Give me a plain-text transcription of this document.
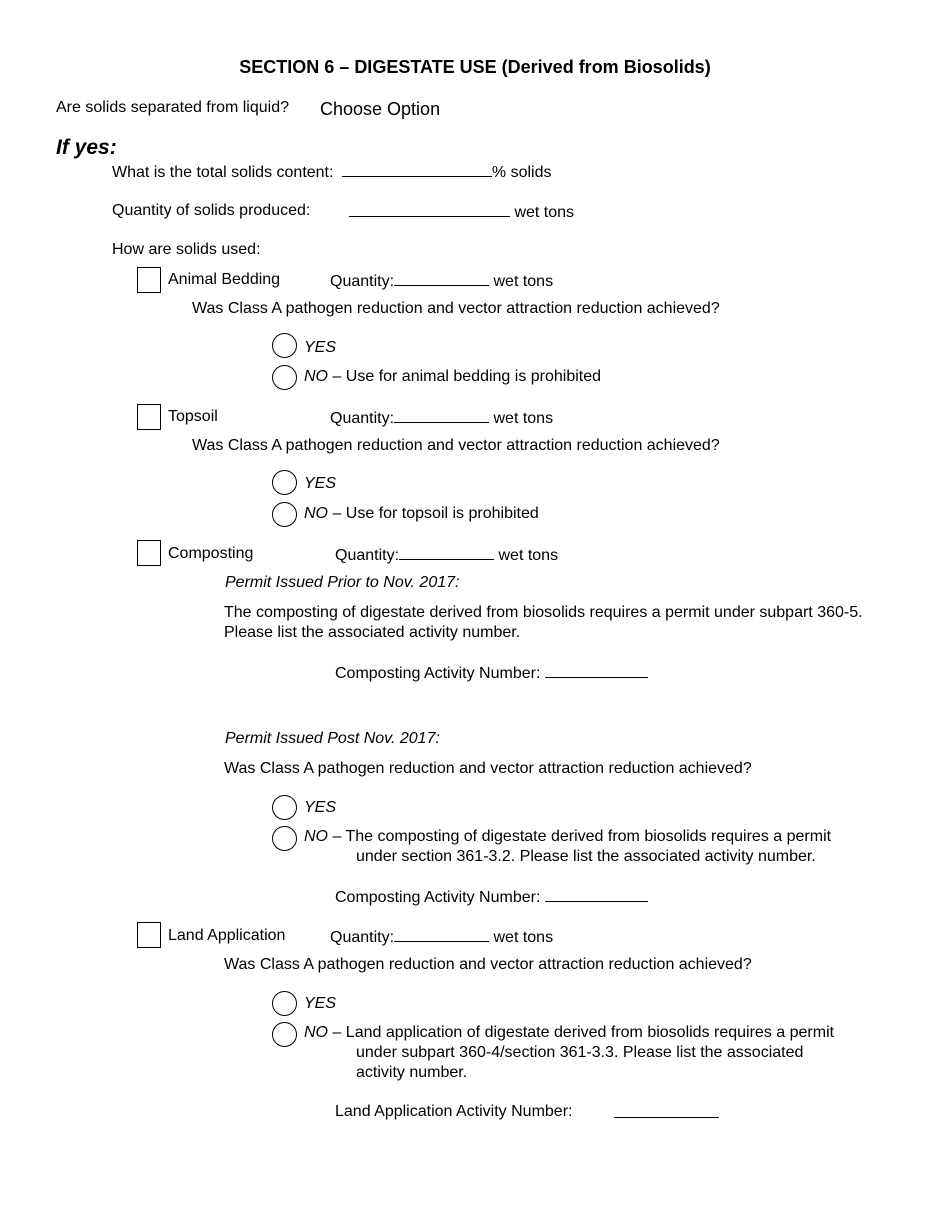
SECTION 6 – DIGESTATE USE (Derived from Biosolids)
Are solids separated from liquid? Choose Option
If yes:
What is the total solids content:	% solids
Quantity of solids produced:	wet tons
How are solids used:
Animal Bedding	Quantity:	wet tons
Was Class A pathogen reduction and vector attraction reduction achieved?
YES
NO – Use for animal bedding is prohibited
Topsoil	Quantity:	wet tons
Was Class A pathogen reduction and vector attraction reduction achieved?
YES
NO – Use for topsoil is prohibited
Composting	Quantity:	wet tons
Permit Issued Prior to Nov. 2017:
The composting of digestate derived from biosolids requires a permit under subpart 360-5. Please list the associated activity number.
Composting Activity Number:
Permit Issued Post Nov. 2017:
Was Class A pathogen reduction and vector attraction reduction achieved?
YES
NO – The composting of digestate derived from biosolids requires a permit
under section 361-3.2. Please list the associated activity number.
Composting Activity Number:
Land Application	Quantity:	wet tons
Was Class A pathogen reduction and vector attraction reduction achieved?
YES
NO – Land application of digestate derived from biosolids requires a permit
under subpart 360-4/section 361-3.3. Please list the associated
activity number.
Land Application Activity Number:
